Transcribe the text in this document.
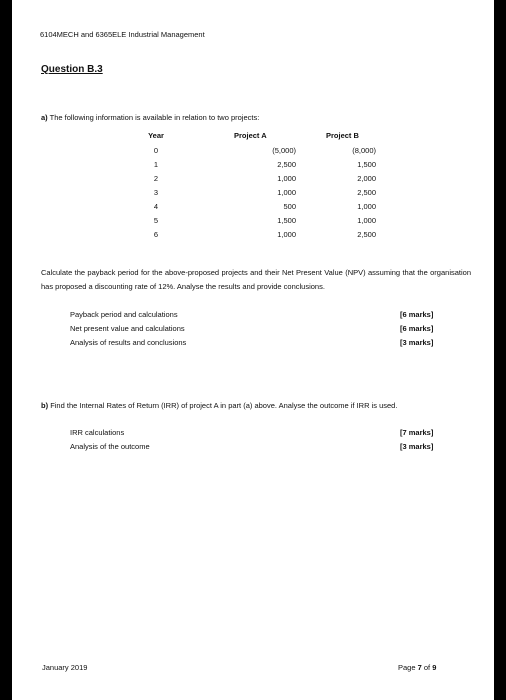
6104MECH and 6365ELE Industrial Management
Question B.3
a) The following information is available in relation to two projects:
Year		Project A		Project B
0		(5,000)		(8,000)
1		2,500		1,500
2		1,000		2,000
3		1,000		2,500
4		500		1,000
5		1,500		1,000
6		1,000		2,500
Calculate the payback period for the above-proposed projects and their Net Present Value (NPV) assuming that the organisation has proposed a discounting rate of 12%. Analyse the results and provide conclusions.
Payback period and calculations	[6 marks]
Net present value and calculations	[6 marks]
Analysis of results and conclusions	[3 marks]
b) Find the Internal Rates of Return (IRR) of project A in part (a) above. Analyse the outcome if IRR is used.
IRR calculations	[7 marks]
Analysis of the outcome	[3 marks]
January 2019	Page 7 of 9
